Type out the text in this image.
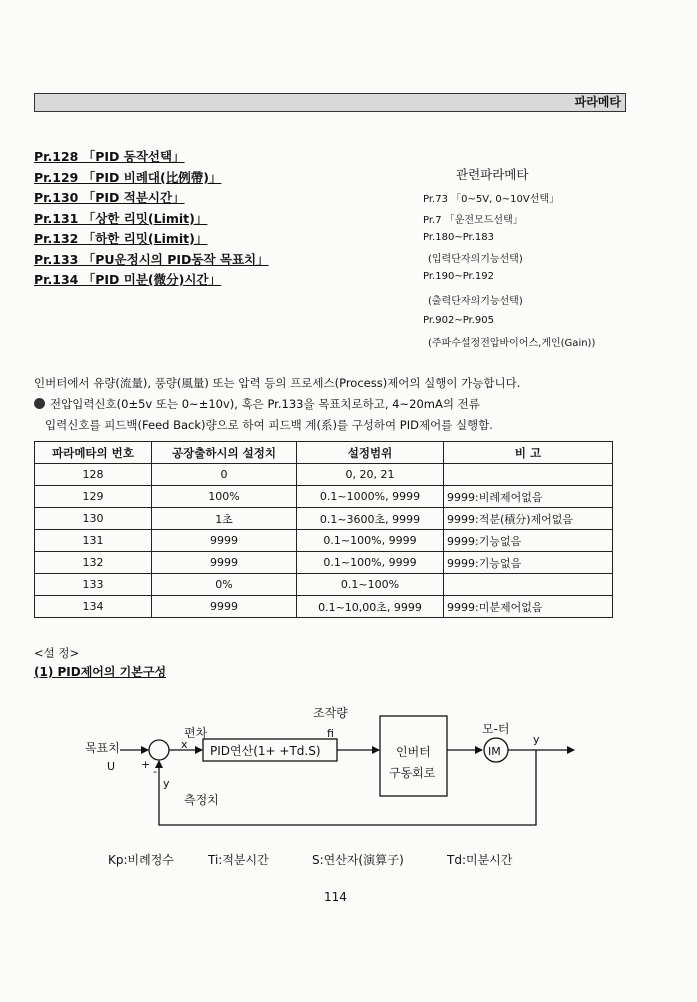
파라메타
Pr.128 「PID 동작선택」
Pr.129 「PID 비례대(比例帶)」
Pr.130 「PID 적분시간」
Pr.131 「상한 리밋(Limit)」
Pr.132 「하한 리밋(Limit)」
Pr.133 「PU운정시의 PID동작 목표치」
Pr.134 「PID 미분(微分)시간」
관련파라메타
Pr.73 「0~5V, 0~10V선택」
Pr.7 「운전모드선택」
Pr.180~Pr.183
(입력단자의기능선택)
Pr.190~Pr.192
(출력단자의기능선택)
Pr.902~Pr.905
(주파수설정전압바이어스,게인(Gain))
인버터에서 유량(流量), 풍량(風量) 또는 압력 등의 프로세스(Process)제어의 실행이 가능합니다.
전압입력신호(0±5v 또는 0~±10v), 혹은 Pr.133을 목표치로하고, 4~20mA의 전류
입력신호를 피드백(Feed Back)량으로 하여 피드백 계(系)를 구성하여 PID제어를 실행함.
파라메타의 번호	공장출하시의 설정치	설정범위	비 고
128	0	0, 20, 21	
129	100%	0.1~1000%, 9999	9999:비례제어없음
130	1초	0.1~3600초, 9999	9999:적분(積分)제어없음
131	9999	0.1~100%, 9999	9999:기능없음
132	9999	0.1~100%, 9999	9999:기능없음
133	0%	0.1~100%	
134	9999	0.1~10,00초, 9999	9999:미분제어없음
<설 정>
(1) PID제어의 기본구성
목표치
U +
-
편차
x PID연산(1+ +Td.S)
조작량
fi
인버터
구동회로
모-터
IM
y
y
측정치
Kp:비례정수	Ti:적분시간	S:연산자(演算子)	Td:미분시간
114
